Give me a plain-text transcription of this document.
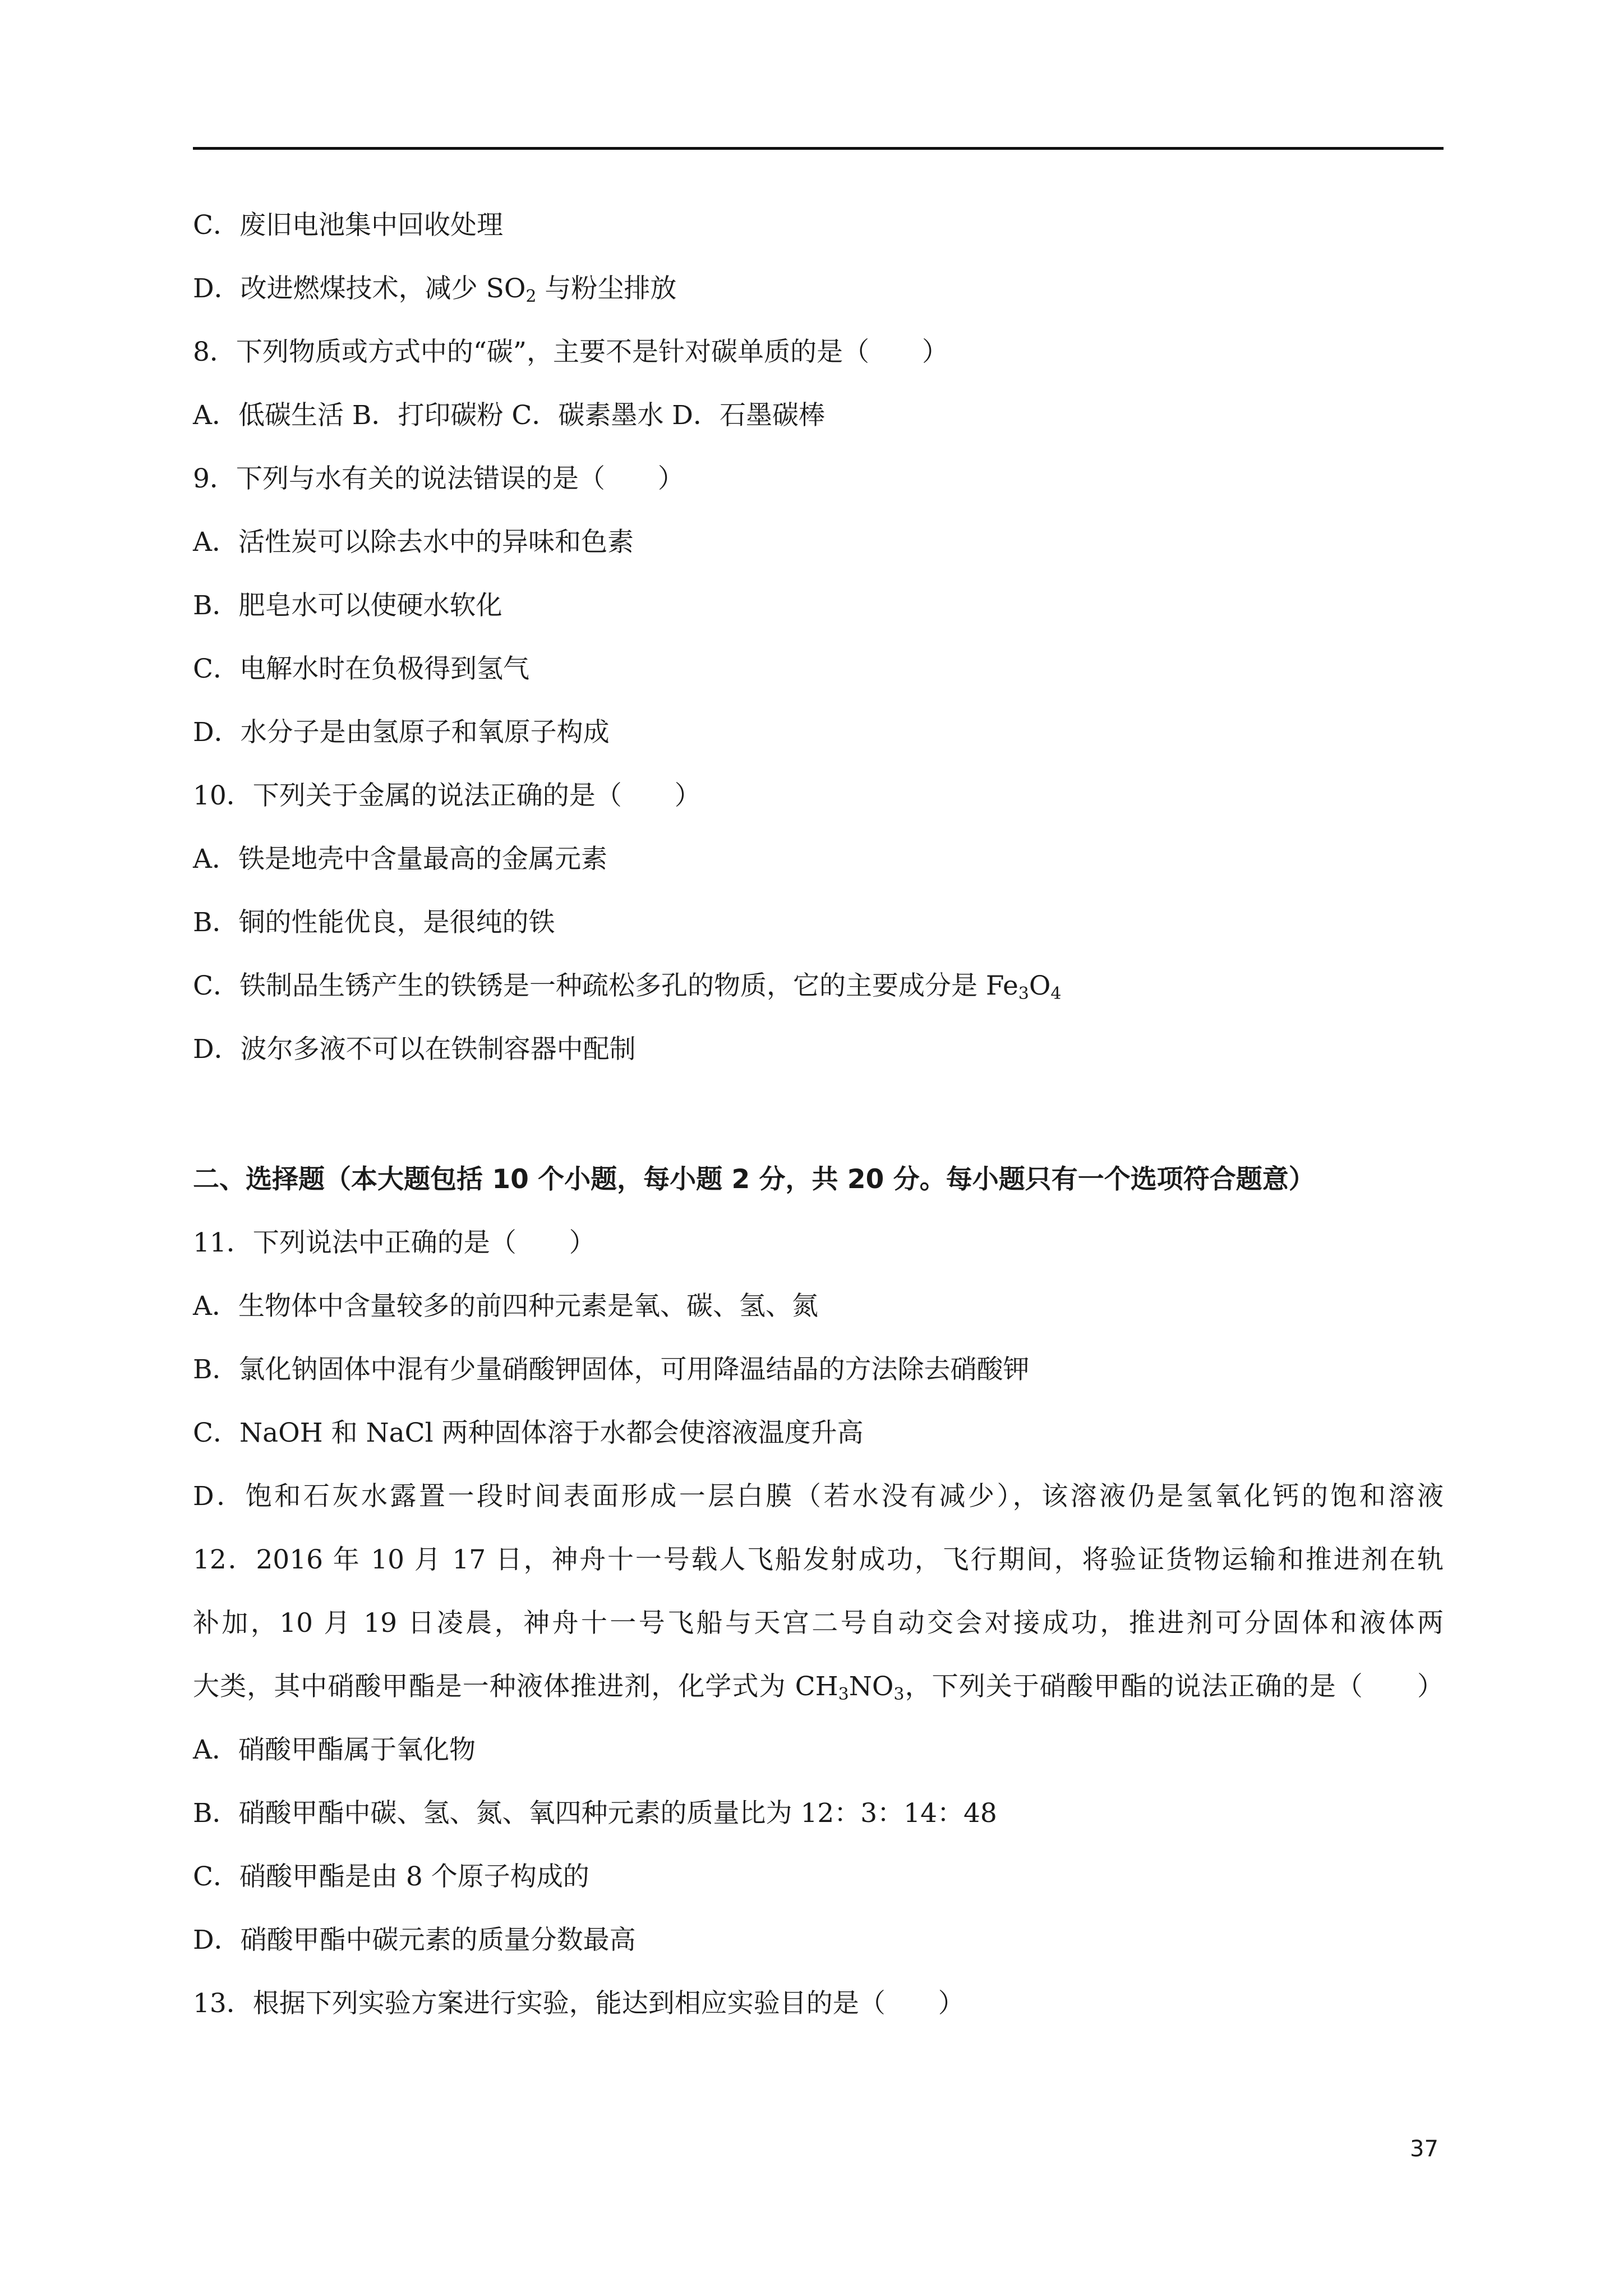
C．废旧电池集中回收处理
D．改进燃煤技术，减少 $SO_2$ 与粉尘排放
8．下列物质或方式中的“碳”，主要不是针对碳单质的是（　　）
A．低碳生活 B．打印碳粉 C．碳素墨水 D．石墨碳棒
9．下列与水有关的说法错误的是（　　）
A．活性炭可以除去水中的异味和色素
B．肥皂水可以使硬水软化
C．电解水时在负极得到氢气
D．水分子是由氢原子和氧原子构成
10．下列关于金属的说法正确的是（　　）
A．铁是地壳中含量最高的金属元素
B．铜的性能优良，是很纯的铁
C．铁制品生锈产生的铁锈是一种疏松多孔的物质，它的主要成分是 $Fe_3O_4$
D．波尔多液不可以在铁制容器中配制
二、选择题（本大题包括 10 个小题，每小题 2 分，共 20 分。每小题只有一个选项符合题意）
11．下列说法中正确的是（　　）
A．生物体中含量较多的前四种元素是氧、碳、氢、氮
B．氯化钠固体中混有少量硝酸钾固体，可用降温结晶的方法除去硝酸钾
C．NaOH 和 NaCl 两种固体溶于水都会使溶液温度升高
D．饱和石灰水露置一段时间表面形成一层白膜（若水没有减少），该溶液仍是氢氧化钙的饱和溶液
12．2016 年 10 月 17 日，神舟十一号载人飞船发射成功，飞行期间，将验证货物运输和推进剂在轨
补加，10 月 19 日凌晨，神舟十一号飞船与天宫二号自动交会对接成功，推进剂可分固体和液体两
大类，其中硝酸甲酯是一种液体推进剂，化学式为 $CH_3NO_3$，下列关于硝酸甲酯的说法正确的是（　　）
A．硝酸甲酯属于氧化物
B．硝酸甲酯中碳、氢、氮、氧四种元素的质量比为 12：3：14：48
C．硝酸甲酯是由 8 个原子构成的
D．硝酸甲酯中碳元素的质量分数最高
13．根据下列实验方案进行实验，能达到相应实验目的是（　　）
37
